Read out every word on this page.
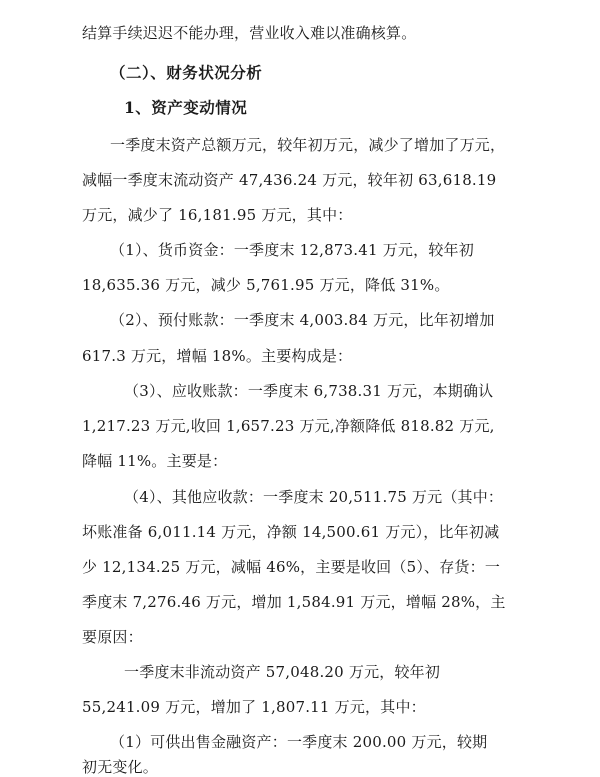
结算手续迟迟不能办理，营业收入难以准确核算。
（二）、财务状况分析
1、资产变动情况
一季度末资产总额万元，较年初万元，减少了增加了万元，
减幅一季度末流动资产 47,436.24 万元，较年初 63,618.19
万元，减少了 16,181.95 万元，其中：
（1）、货币资金：一季度末 12,873.41 万元，较年初
18,635.36 万元，减少 5,761.95 万元，降低 31%。
（2）、预付账款：一季度末 4,003.84 万元，比年初增加
617.3 万元，增幅 18%。主要构成是：
（3）、应收账款：一季度末 6,738.31 万元，本期确认
1,217.23 万元,收回 1,657.23 万元,净额降低 818.82 万元,
降幅 11%。主要是：
（4）、其他应收款：一季度末 20,511.75 万元（其中：
坏账准备 6,011.14 万元，净额 14,500.61 万元），比年初减
少 12,134.25 万元，减幅 46%，主要是收回（5）、存货：一
季度末 7,276.46 万元，增加 1,584.91 万元，增幅 28%，主
要原因：
一季度末非流动资产 57,048.20 万元，较年初
55,241.09 万元，增加了 1,807.11 万元，其中：
（1）可供出售金融资产：一季度末 200.00 万元，较期
初无变化。
